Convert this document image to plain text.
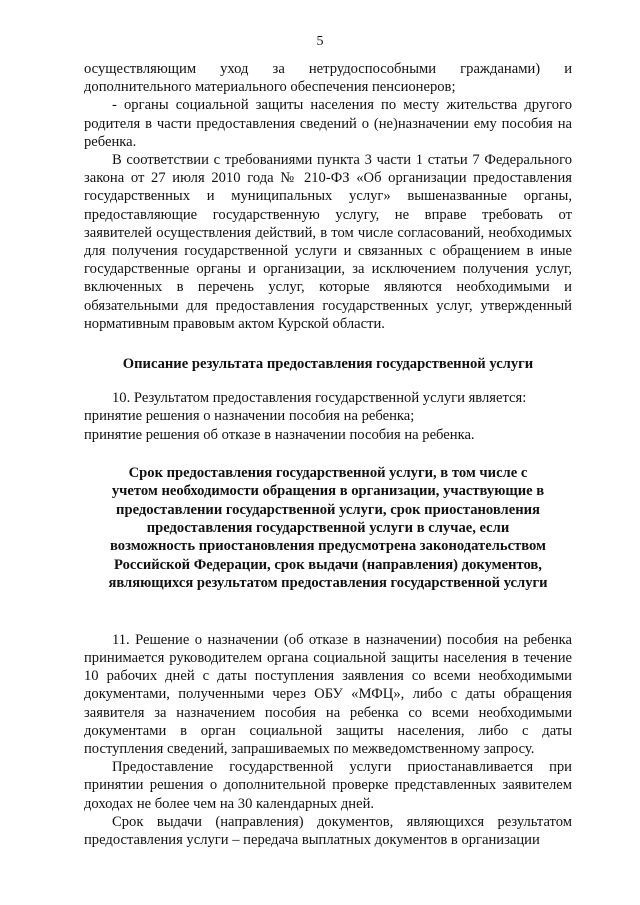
5

осуществляющим уход за нетрудоспособными гражданами) и дополнительного материального обеспечения пенсионеров;

- органы социальной защиты населения по месту жительства другого родителя в части предоставления сведений о (не)назначении ему пособия на ребенка.

В соответствии с требованиями пункта 3 части 1 статьи 7 Федерального закона от 27 июля 2010 года № 210-ФЗ «Об организации предоставления государственных и муниципальных услуг» вышеназванные органы, предоставляющие государственную услугу, не вправе требовать от заявителей осуществления действий, в том числе согласований, необходимых для получения государственной услуги и связанных с обращением в иные государственные органы и организации, за исключением получения услуг, включенных в перечень услуг, которые являются необходимыми и обязательными для предоставления государственных услуг, утвержденный нормативным правовым актом Курской области.

Описание результата предоставления государственной услуги

10. Результатом предоставления государственной услуги является:

принятие решения о назначении пособия на ребенка;

принятие решения об отказе в назначении пособия на ребенка.

Срок предоставления государственной услуги, в том числе с учетом необходимости обращения в организации, участвующие в предоставлении государственной услуги, срок приостановления предоставления государственной услуги в случае, если возможность приостановления предусмотрена законодательством Российской Федерации, срок выдачи (направления) документов, являющихся результатом предоставления государственной услуги

11. Решение о назначении (об отказе в назначении) пособия на ребенка принимается руководителем органа социальной защиты населения в течение 10 рабочих дней с даты поступления заявления со всеми необходимыми документами, полученными через ОБУ «МФЦ», либо с даты обращения заявителя за назначением пособия на ребенка со всеми необходимыми документами в орган социальной защиты населения, либо с даты поступления сведений, запрашиваемых по межведомственному запросу.

Предоставление государственной услуги приостанавливается при принятии решения о дополнительной проверке представленных заявителем доходах не более чем на 30 календарных дней.

Срок выдачи (направления) документов, являющихся результатом предоставления услуги – передача выплатных документов в организации
